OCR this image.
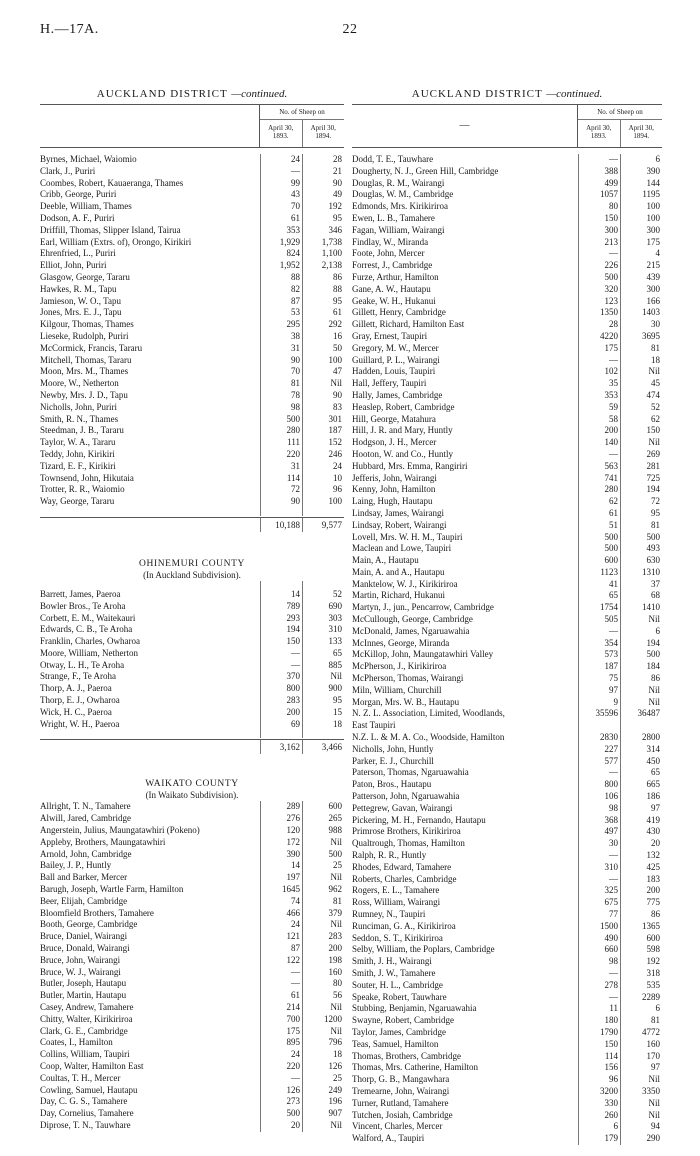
H.—17A.	22
AUCKLAND DISTRICT —continued.
No. of Sheep on
April 30, 1893.
April 30, 1894.
Byrnes, Michael, Waiomio	24	28
Clark, J., Puriri	—	21
Coombes, Robert, Kauaeranga, Thames	99	90
Cribb, George, Puriri	43	49
Deeble, William, Thames	70	192
Dodson, A. F., Puriri	61	95
Driffill, Thomas, Slipper Island, Tairua	353	346
Earl, William (Extrs. of), Orongo, Kirikiri	1,929	1,738
Ehrenfried, L., Puriri	824	1,100
Elliot, John, Puriri	1,952	2,138
Glasgow, George, Tararu	88	86
Hawkes, R. M., Tapu	82	88
Jamieson, W. O., Tapu	87	95
Jones, Mrs. E. J., Tapu	53	61
Kilgour, Thomas, Thames	295	292
Lieseke, Rudolph, Puriri	38	16
McCormick, Francis, Tararu	31	50
Mitchell, Thomas, Tararu	90	100
Moon, Mrs. M., Thames	70	47
Moore, W., Netherton	81	Nil
Newby, Mrs. J. D., Tapu	78	90
Nicholls, John, Puriri	98	83
Smith, R. N., Thames	500	301
Steedman, J. B., Tararu	280	187
Taylor, W. A., Tararu	111	152
Teddy, John, Kirikiri	220	246
Tizard, E. F., Kirikiri	31	24
Townsend, John, Hikutaia	114	10
Trotter, R. R., Waiomio	72	96
Way, George, Tararu	90	100
10,188	9,577
OHINEMURI COUNTY
(In Auckland Subdivision).
Barrett, James, Paeroa	14	52
Bowler Bros., Te Aroha	789	690
Corbett, E. M., Waitekauri	293	303
Edwards, C. B., Te Aroha	194	310
Franklin, Charles, Owharoa	150	133
Moore, William, Netherton	—	65
Otway, L. H., Te Aroha	—	885
Strange, F., Te Aroha	370	Nil
Thorp, A. J., Paeroa	800	900
Thorp, E. J., Owharoa	283	95
Wick, H. C., Paeroa	200	15
Wright, W. H., Paeroa	69	18
3,162	3,466
WAIKATO COUNTY
(In Waikato Subdivision).
Allright, T. N., Tamahere	289	600
Alwill, Jared, Cambridge	276	265
Angerstein, Julius, Maungatawhiri (Pokeno)	120	988
Appleby, Brothers, Maungatawhiri	172	Nil
Arnold, John, Cambridge	390	500
Bailey, J. P., Huntly	14	25
Ball and Barker, Mercer	197	Nil
Barugh, Joseph, Wartle Farm, Hamilton	1645	962
Beer, Elijah, Cambridge	74	81
Bloomfield Brothers, Tamahere	466	379
Booth, George, Cambridge	24	Nil
Bruce, Daniel, Wairangi	121	283
Bruce, Donald, Wairangi	87	200
Bruce, John, Wairangi	122	198
Bruce, W. J., Wairangi	—	160
Butler, Joseph, Hautapu	—	80
Butler, Martin, Hautapu	61	56
Casey, Andrew, Tamahere	214	Nil
Chitty, Walter, Kirikiriroa	700	1200
Clark, G. E., Cambridge	175	Nil
Coates, I., Hamilton	895	796
Collins, William, Taupiri	24	18
Coop, Walter, Hamilton East	220	126
Coultas, T. H., Mercer	—	25
Cowling, Samuel, Hautapu	126	249
Day, C. G. S., Tamahere	273	196
Day, Cornelius, Tamahere	500	907
Diprose, T. N., Tauwhare	20	Nil
AUCKLAND DISTRICT —continued.
—
No. of Sheep on
April 30, 1893.
April 30, 1894.
Dodd, T. E., Tauwhare	—	6
Dougherty, N. J., Green Hill, Cambridge	388	390
Douglas, R. M., Wairangi	499	144
Douglas, W. M., Cambridge	1057	1195
Edmonds, Mrs. Kirikiriroa	80	100
Ewen, L. B., Tamahere	150	100
Fagan, William, Wairangi	300	300
Findlay, W., Miranda	213	175
Foote, John, Mercer	—	4
Forrest, J., Cambridge	226	215
Furze, Arthur, Hamilton	500	439
Gane, A. W., Hautapu	320	300
Geake, W. H., Hukanui	123	166
Gillett, Henry, Cambridge	1350	1403
Gillett, Richard, Hamilton East	28	30
Gray, Ernest, Taupiri	4220	3695
Gregory, M. W., Mercer	175	81
Guillard, P. L., Wairangi	—	18
Hadden, Louis, Taupiri	102	Nil
Hall, Jeffery, Taupiri	35	45
Hally, James, Cambridge	353	474
Heaslep, Robert, Cambridge	59	52
Hill, George, Matahura	58	62
Hill, J. R. and Mary, Huntly	200	150
Hodgson, J. H., Mercer	140	Nil
Hooton, W. and Co., Huntly	—	269
Hubbard, Mrs. Emma, Rangiriri	563	281
Jefferis, John, Wairangi	741	725
Kenny, John, Hamilton	280	194
Laing, Hugh, Hautapu	62	72
Lindsay, James, Wairangi	61	95
Lindsay, Robert, Wairangi	51	81
Lovell, Mrs. W. H. M., Taupiri	500	500
Maclean and Lowe, Taupiri	500	493
Main, A., Hautapu	600	630
Main, A. and A., Hautapu	1123	1310
Manktelow, W. J., Kirikiriroa	41	37
Martin, Richard, Hukanui	65	68
Martyn, J., jun., Pencarrow, Cambridge	1754	1410
McCullough, George, Cambridge	505	Nil
McDonald, James, Ngaruawahia	—	6
McInnes, George, Miranda	354	194
McKillop, John, Maungatawhiri Valley	573	500
McPherson, J., Kirikiriroa	187	184
McPherson, Thomas, Wairangi	75	86
Miln, William, Churchill	97	Nil
Morgan, Mrs. W. B., Hautapu	9	Nil
N. Z. L. Association, Limited, Woodlands,	35596	36487
East Taupiri
N.Z. L. & M. A. Co., Woodside, Hamilton	2830	2800
Nicholls, John, Huntly	227	314
Parker, E. J., Churchill	577	450
Paterson, Thomas, Ngaruawahia	—	65
Paton, Bros., Hautapu	800	665
Patterson, John, Ngaruawahia	106	186
Pettegrew, Gavan, Wairangi	98	97
Pickering, M. H., Fernando, Hautapu	368	419
Primrose Brothers, Kirikiriroa	497	430
Qualtrough, Thomas, Hamilton	30	20
Ralph, R. R., Huntly	—	132
Rhodes, Edward, Tamahere	310	425
Roberts, Charles, Cambridge	—	183
Rogers, E. L., Tamahere	325	200
Ross, William, Wairangi	675	775
Rumney, N., Taupiri	77	86
Runciman, G. A., Kirikiriroa	1500	1365
Seddon, S. T., Kirikiriroa	490	600
Selby, William, the Poplars, Cambridge	660	598
Smith, J. H., Wairangi	98	192
Smith, J. W., Tamahere	—	318
Souter, H. L., Cambridge	278	535
Speake, Robert, Tauwhare	—	2289
Stubbing, Benjamin, Ngaruawahia	11	6
Swayne, Robert, Cambridge	180	81
Taylor, James, Cambridge	1790	4772
Teas, Samuel, Hamilton	150	160
Thomas, Brothers, Cambridge	114	170
Thomas, Mrs. Catherine, Hamilton	156	97
Thorp, G. B., Mangawhara	96	Nil
Tremearne, John, Wairangi	3200	3350
Turner, Rutland, Tamahere	330	Nil
Tutchen, Josiah, Cambridge	260	Nil
Vincent, Charles, Mercer	6	94
Walford, A., Taupiri	179	290
